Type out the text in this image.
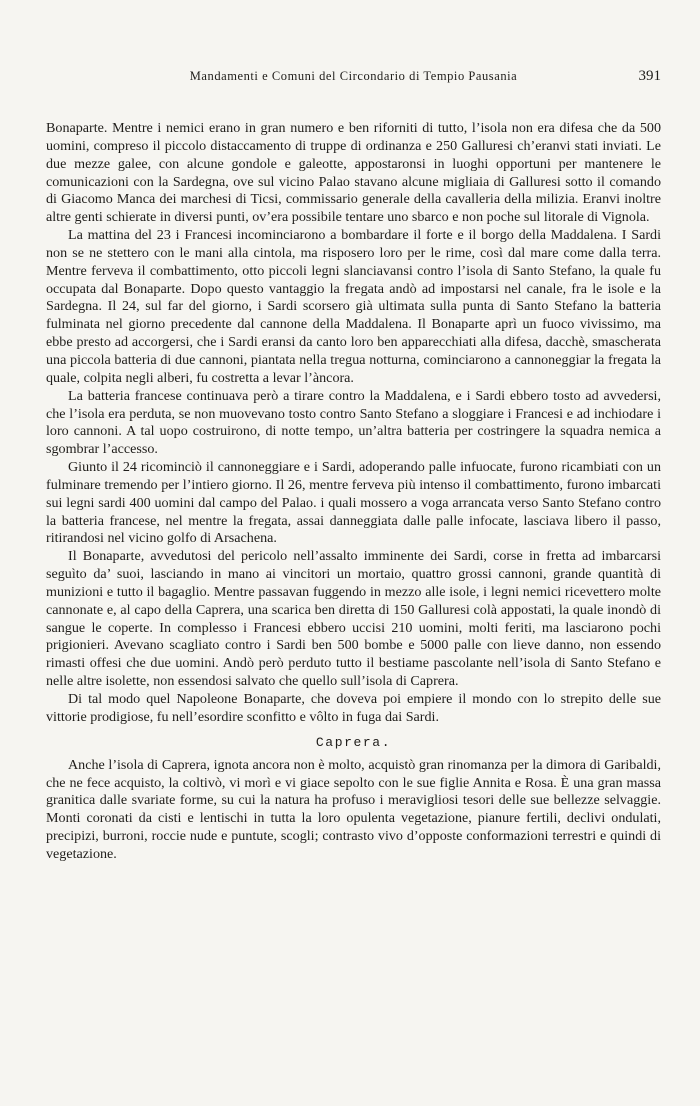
Mandamenti e Comuni del Circondario di Tempio Pausania	391

Bonaparte. Mentre i nemici erano in gran numero e ben riforniti di tutto, l’isola non era difesa che da 500 uomini, compreso il piccolo distaccamento di truppe di ordinanza e 250 Galluresi ch’eranvi stati inviati. Le due mezze galee, con alcune gondole e galeotte, appostaronsi in luoghi opportuni per mantenere le comunicazioni con la Sardegna, ove sul vicino Palao stavano alcune migliaia di Galluresi sotto il comando di Giacomo Manca dei marchesi di Ticsi, commissario generale della cavalleria della milizia. Eranvi inoltre altre genti schierate in diversi punti, ov’era possibile tentare uno sbarco e non poche sul litorale di Vignola.

La mattina del 23 i Francesi incominciarono a bombardare il forte e il borgo della Maddalena. I Sardi non se ne stettero con le mani alla cintola, ma risposero loro per le rime, così dal mare come dalla terra. Mentre ferveva il combattimento, otto piccoli legni slanciavansi contro l’isola di Santo Stefano, la quale fu occupata dal Bonaparte. Dopo questo vantaggio la fregata andò ad impostarsi nel canale, fra le isole e la Sardegna. Il 24, sul far del giorno, i Sardi scorsero già ultimata sulla punta di Santo Stefano la batteria fulminata nel giorno precedente dal cannone della Maddalena. Il Bonaparte aprì un fuoco vivissimo, ma ebbe presto ad accorgersi, che i Sardi eransi da canto loro ben apparecchiati alla difesa, dacchè, smascherata una piccola batteria di due cannoni, piantata nella tregua notturna, cominciarono a cannoneggiar la fregata la quale, colpita negli alberi, fu costretta a levar l’àncora.

La batteria francese continuava però a tirare contro la Maddalena, e i Sardi ebbero tosto ad avvedersi, che l’isola era perduta, se non muovevano tosto contro Santo Stefano a sloggiare i Francesi e ad inchiodare i loro cannoni. A tal uopo costruirono, di notte tempo, un’altra batteria per costringere la squadra nemica a sgombrar l’accesso.

Giunto il 24 ricominciò il cannoneggiare e i Sardi, adoperando palle infuocate, furono ricambiati con un fulminare tremendo per l’intiero giorno. Il 26, mentre ferveva più intenso il combattimento, furono imbarcati sui legni sardi 400 uomini dal campo del Palao. i quali mossero a voga arrancata verso Santo Stefano contro la batteria francese, nel mentre la fregata, assai danneggiata dalle palle infocate, lasciava libero il passo, ritirandosi nel vicino golfo di Arsachena.

Il Bonaparte, avvedutosi del pericolo nell’assalto imminente dei Sardi, corse in fretta ad imbarcarsi seguìto da’ suoi, lasciando in mano ai vincitori un mortaio, quattro grossi cannoni, grande quantità di munizioni e tutto il bagaglio. Mentre passavan fuggendo in mezzo alle isole, i legni nemici ricevettero molte cannonate e, al capo della Caprera, una scarica ben diretta di 150 Galluresi colà appostati, la quale inondò di sangue le coperte. In complesso i Francesi ebbero uccisi 210 uomini, molti feriti, ma lasciarono pochi prigionieri. Avevano scagliato contro i Sardi ben 500 bombe e 5000 palle con lieve danno, non essendo rimasti offesi che due uomini. Andò però perduto tutto il bestiame pascolante nell’isola di Santo Stefano e nelle altre isolette, non essendosi salvato che quello sull’isola di Caprera.

Di tal modo quel Napoleone Bonaparte, che doveva poi empiere il mondo con lo strepito delle sue vittorie prodigiose, fu nell’esordire sconfitto e vôlto in fuga dai Sardi.

Caprera.

Anche l’isola di Caprera, ignota ancora non è molto, acquistò gran rinomanza per la dimora di Garibaldi, che ne fece acquisto, la coltivò, vi morì e vi giace sepolto con le sue figlie Annita e Rosa. È una gran massa granitica dalle svariate forme, su cui la natura ha profuso i meravigliosi tesori delle sue bellezze selvaggie. Monti coronati da cisti e lentischi in tutta la loro opulenta vegetazione, pianure fertili, declivi ondulati, precipizi, burroni, roccie nude e puntute, scogli; contrasto vivo d’opposte conformazioni terrestri e quindi di vegetazione.
